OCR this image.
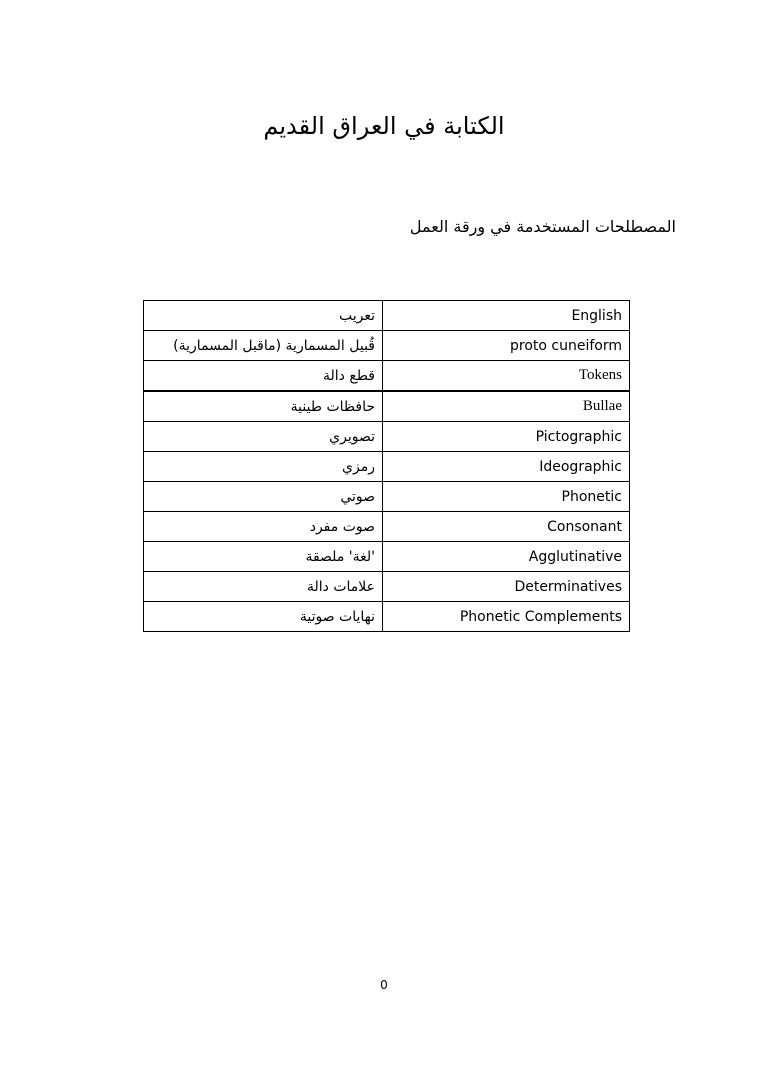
الكتابة في العراق القديم
المصطلحات المستخدمة في ورقة العمل
تعريب	English
قُبيل المسمارية (ماقبل المسمارية)	proto cuneiform
قطع دالة	Tokens
حافظات طينية	Bullae
تصويري	Pictographic
رمزي	Ideographic
صوتي	Phonetic
صوت مفرد	Consonant
'لغة' ملصقة	Agglutinative
علامات دالة	Determinatives
نهايات صوتية	Phonetic Complements
0
